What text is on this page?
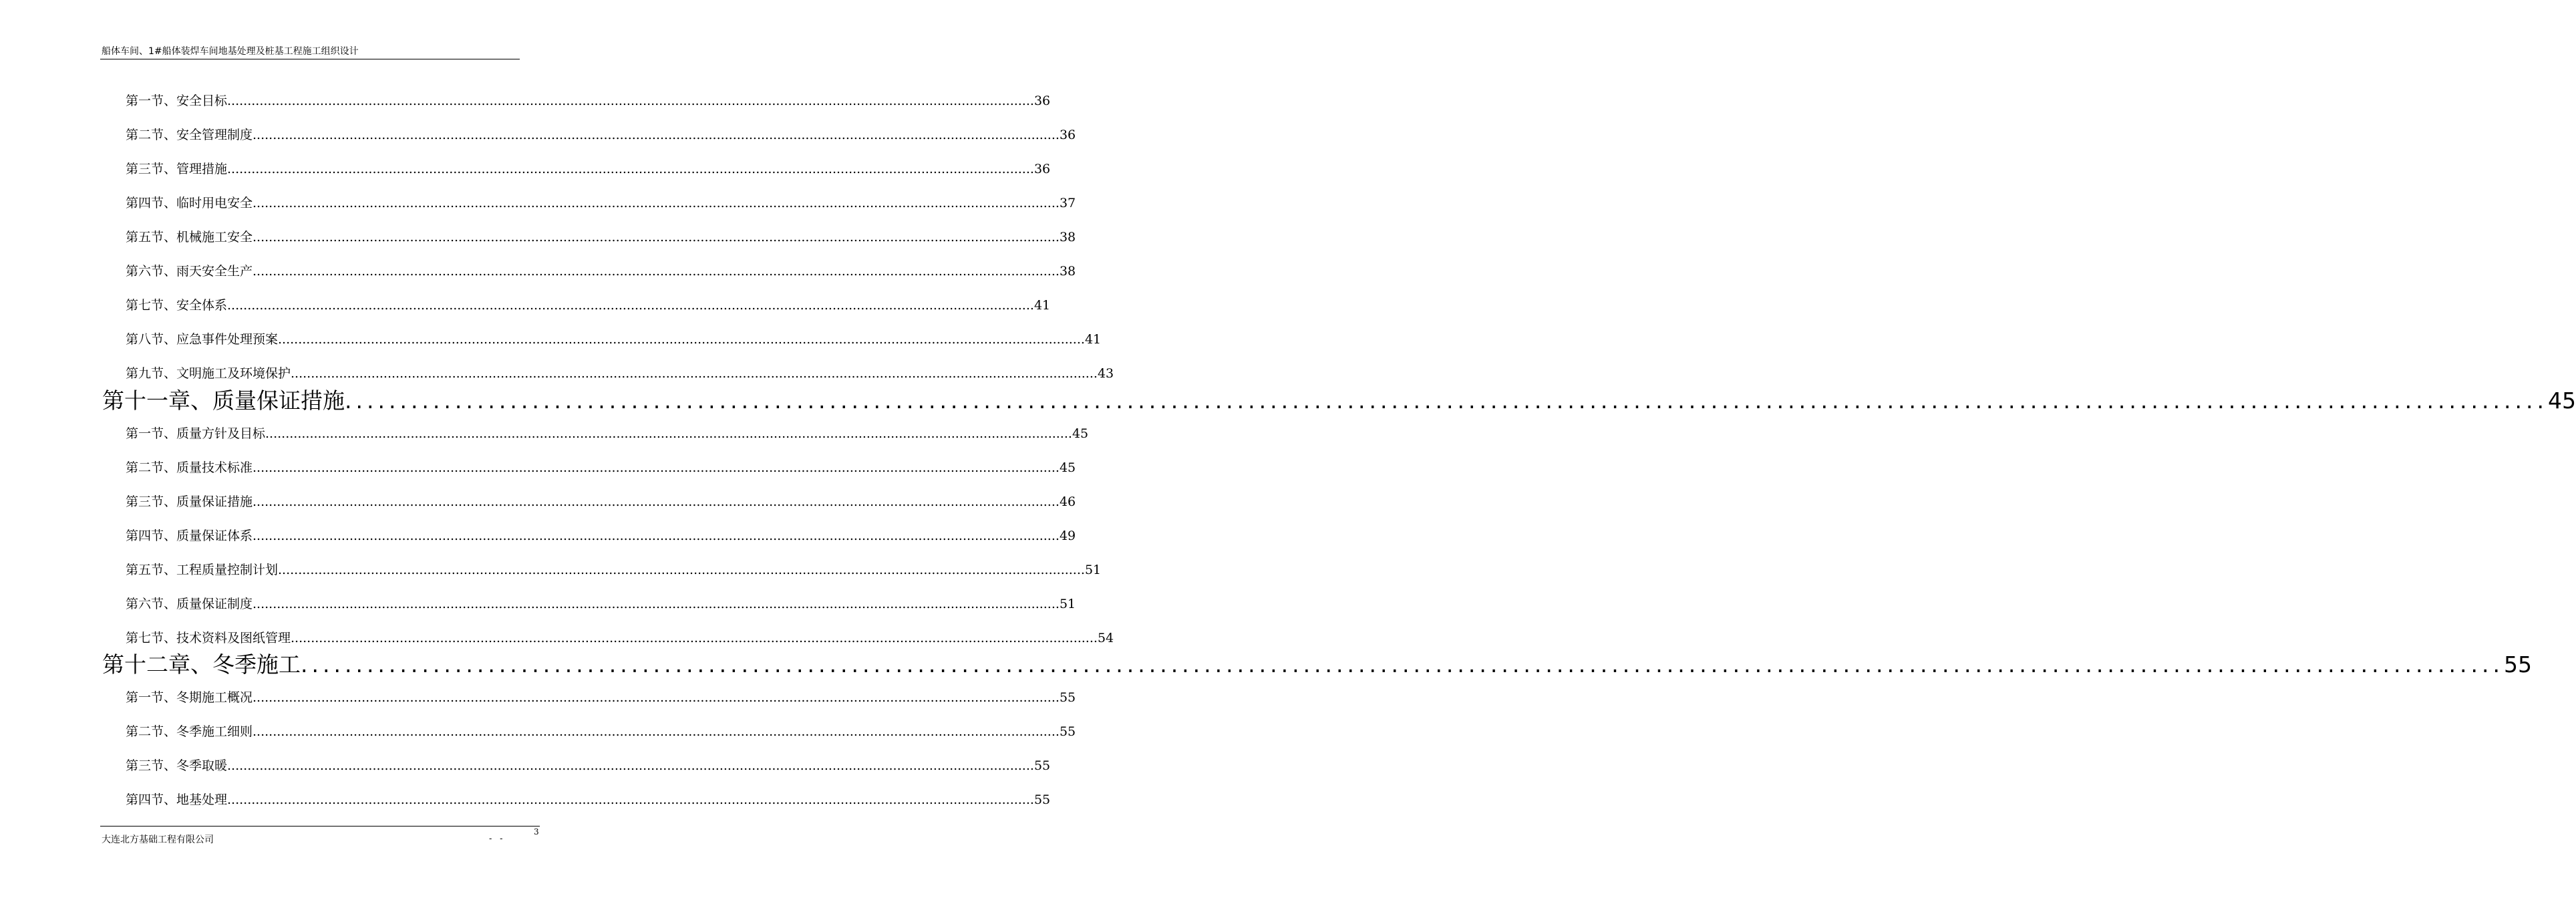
船体车间、1#船体装焊车间地基处理及桩基工程施工组织设计
第一节、安全目标 ........................................................................................................................................................................................................ 36
第二节、安全管理制度 ........................................................................................................................................................................................................ 36
第三节、管理措施 ........................................................................................................................................................................................................ 36
第四节、临时用电安全 ........................................................................................................................................................................................................ 37
第五节、机械施工安全 ........................................................................................................................................................................................................ 38
第六节、雨天安全生产 ........................................................................................................................................................................................................ 38
第七节、安全体系 ........................................................................................................................................................................................................ 41
第八节、应急事件处理预案 ........................................................................................................................................................................................................ 41
第九节、文明施工及环境保护 ........................................................................................................................................................................................................ 43
第十一章、质量保证措施 ........................................................................................................................................................................................................ 45
第一节、质量方针及目标 ........................................................................................................................................................................................................ 45
第二节、质量技术标准 ........................................................................................................................................................................................................ 45
第三节、质量保证措施 ........................................................................................................................................................................................................ 46
第四节、质量保证体系 ........................................................................................................................................................................................................ 49
第五节、工程质量控制计划 ........................................................................................................................................................................................................ 51
第六节、质量保证制度 ........................................................................................................................................................................................................ 51
第七节、技术资料及图纸管理 ........................................................................................................................................................................................................ 54
第十二章、冬季施工 ........................................................................................................................................................................................................ 55
第一节、冬期施工概况 ........................................................................................................................................................................................................ 55
第二节、冬季施工细则 ........................................................................................................................................................................................................ 55
第三节、冬季取暖 ........................................................................................................................................................................................................ 55
第四节、地基处理 ........................................................................................................................................................................................................ 55
大连北方基础工程有限公司	- -
3
